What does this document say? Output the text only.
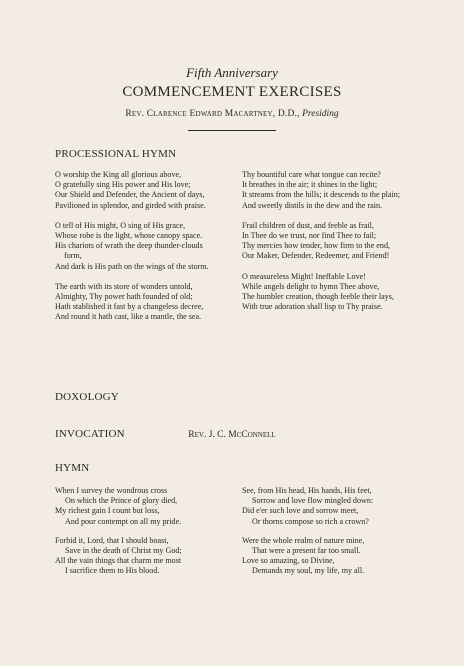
Fifth Anniversary
COMMENCEMENT EXERCISES
Rev. Clarence Edward Macartney, D.D., Presiding
PROCESSIONAL HYMN
O worship the King all glorious above,
O gratefully sing His power and His love;
Our Shield and Defender, the Ancient of days,
Pavilioned in splendor, and girded with praise.
O tell of His might, O sing of His grace,
Whose robe is the light, whose canopy space.
His chariots of wrath the deep thunder-clouds form,
And dark is His path on the wings of the storm.
The earth with its store of wonders untold,
Almighty, Thy power hath founded of old;
Hath stablished it fast by a changeless decree,
And round it hath cast, like a mantle, the sea.
Thy bountiful care what tongue can recite?
It breathes in the air; it shines in the light;
It streams from the hills; it descends to the plain;
And sweetly distils in the dew and the rain.
Frail children of dust, and feeble as frail,
In Thee do we trust, nor find Thee to fail;
Thy mercies how tender, how firm to the end,
Our Maker, Defender, Redeemer, and Friend!
O measureless Might! Ineffable Love!
While angels delight to hymn Thee above,
The humbler creation, though feeble their lays,
With true adoration shall lisp to Thy praise.
DOXOLOGY
INVOCATION	Rev. J. C. McConnell
HYMN
When I survey the wondrous cross
On which the Prince of glory died,
My richest gain I count but loss,
And pour contempt on all my pride.
Forbid it, Lord, that I should boast,
Save in the death of Christ my God;
All the vain things that charm me most
I sacrifice them to His blood.
See, from His head, His hands, His feet,
Sorrow and love flow mingled down:
Did e'er such love and sorrow meet,
Or thorns compose so rich a crown?
Were the whole realm of nature mine,
That were a present far too small.
Love so amazing, so Divine,
Demands my soul, my life, my all.
